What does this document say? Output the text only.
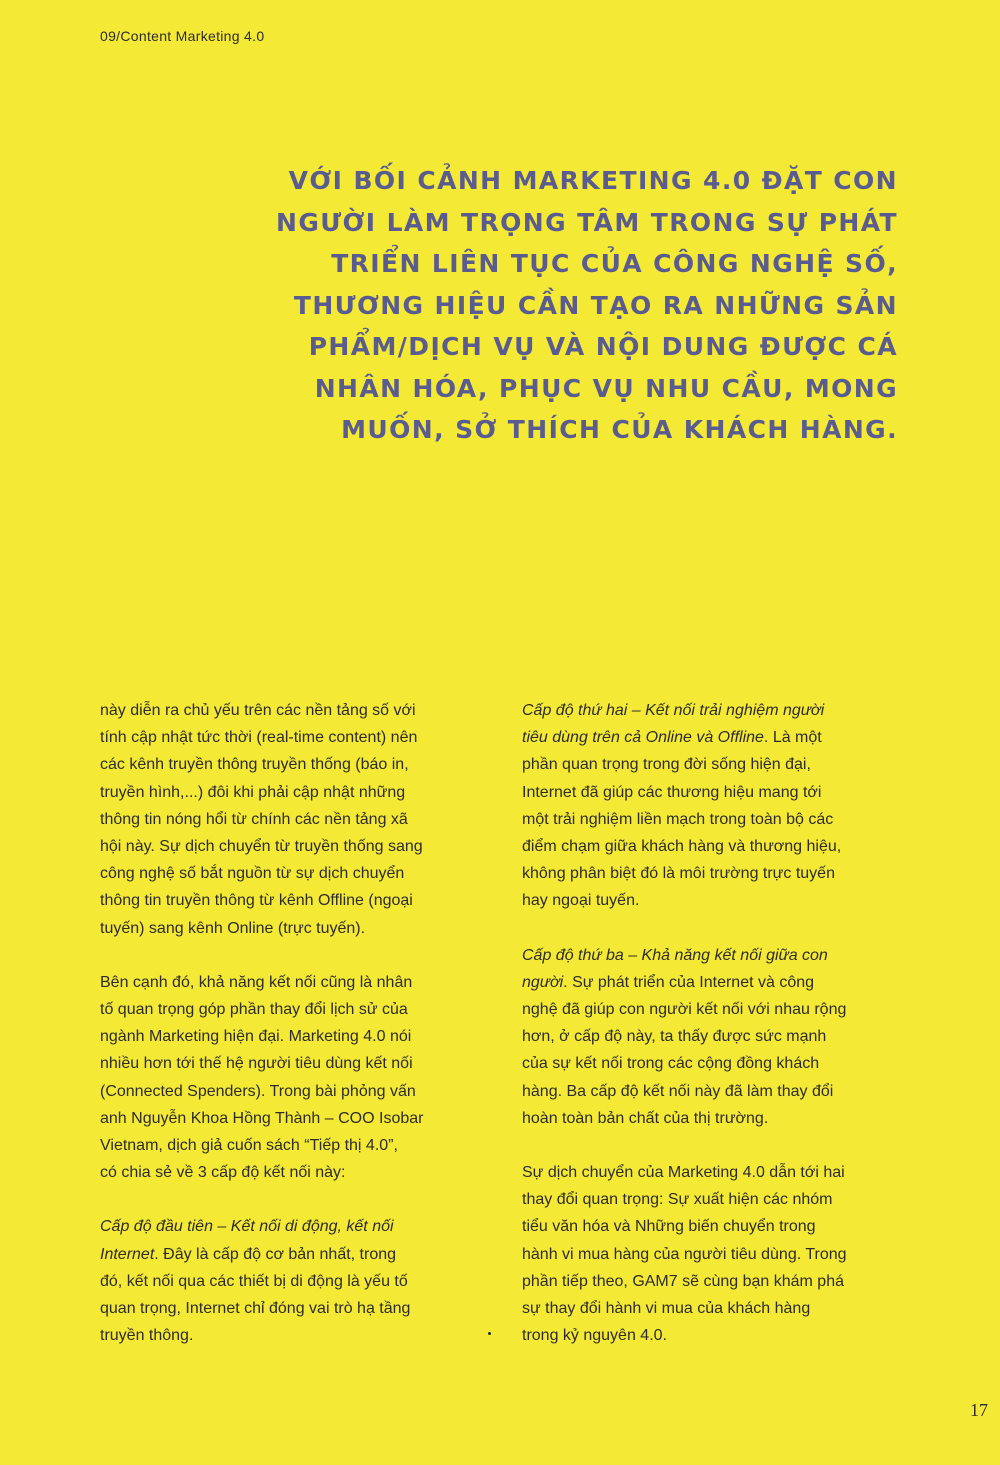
09/Content Marketing 4.0
VỚI BỐI CẢNH MARKETING 4.0 ĐẶT CON
NGƯỜI LÀM TRỌNG TÂM TRONG SỰ PHÁT
TRIỂN LIÊN TỤC CỦA CÔNG NGHỆ SỐ,
THƯƠNG HIỆU CẦN TẠO RA NHỮNG SẢN
PHẨM/DỊCH VỤ VÀ NỘI DUNG ĐƯỢC CÁ
NHÂN HÓA, PHỤC VỤ NHU CẦU, MONG
MUỐN, SỞ THÍCH CỦA KHÁCH HÀNG.

này diễn ra chủ yếu trên các nền tảng số với
tính cập nhật tức thời (real-time content) nên
các kênh truyền thông truyền thống (báo in,
truyền hình,...) đôi khi phải cập nhật những
thông tin nóng hổi từ chính các nền tảng xã
hội này. Sự dịch chuyển từ truyền thống sang
công nghệ số bắt nguồn từ sự dịch chuyển
thông tin truyền thông từ kênh Offline (ngoại
tuyến) sang kênh Online (trực tuyến).

Bên cạnh đó, khả năng kết nối cũng là nhân
tố quan trọng góp phần thay đổi lịch sử của
ngành Marketing hiện đại. Marketing 4.0 nói
nhiều hơn tới thế hệ người tiêu dùng kết nối
(Connected Spenders). Trong bài phỏng vấn
anh Nguyễn Khoa Hồng Thành – COO Isobar
Vietnam, dịch giả cuốn sách “Tiếp thị 4.0”,
có chia sẻ về 3 cấp độ kết nối này:

Cấp độ đầu tiên – Kết nối di động, kết nối
Internet. Đây là cấp độ cơ bản nhất, trong
đó, kết nối qua các thiết bị di động là yếu tố
quan trọng, Internet chỉ đóng vai trò hạ tầng
truyền thông.

Cấp độ thứ hai – Kết nối trải nghiệm người
tiêu dùng trên cả Online và Offline. Là một
phần quan trọng trong đời sống hiện đại,
Internet đã giúp các thương hiệu mang tới
một trải nghiệm liền mạch trong toàn bộ các
điểm chạm giữa khách hàng và thương hiệu,
không phân biệt đó là môi trường trực tuyến
hay ngoại tuyến.

Cấp độ thứ ba – Khả năng kết nối giữa con
người. Sự phát triển của Internet và công
nghệ đã giúp con người kết nối với nhau rộng
hơn, ở cấp độ này, ta thấy được sức mạnh
của sự kết nối trong các cộng đồng khách
hàng. Ba cấp độ kết nối này đã làm thay đổi
hoàn toàn bản chất của thị trường.

Sự dịch chuyển của Marketing 4.0 dẫn tới hai
thay đổi quan trọng: Sự xuất hiện các nhóm
tiểu văn hóa và Những biến chuyển trong
hành vi mua hàng của người tiêu dùng. Trong
phần tiếp theo, GAM7 sẽ cùng bạn khám phá
sự thay đổi hành vi mua của khách hàng
trong kỷ nguyên 4.0.

17
